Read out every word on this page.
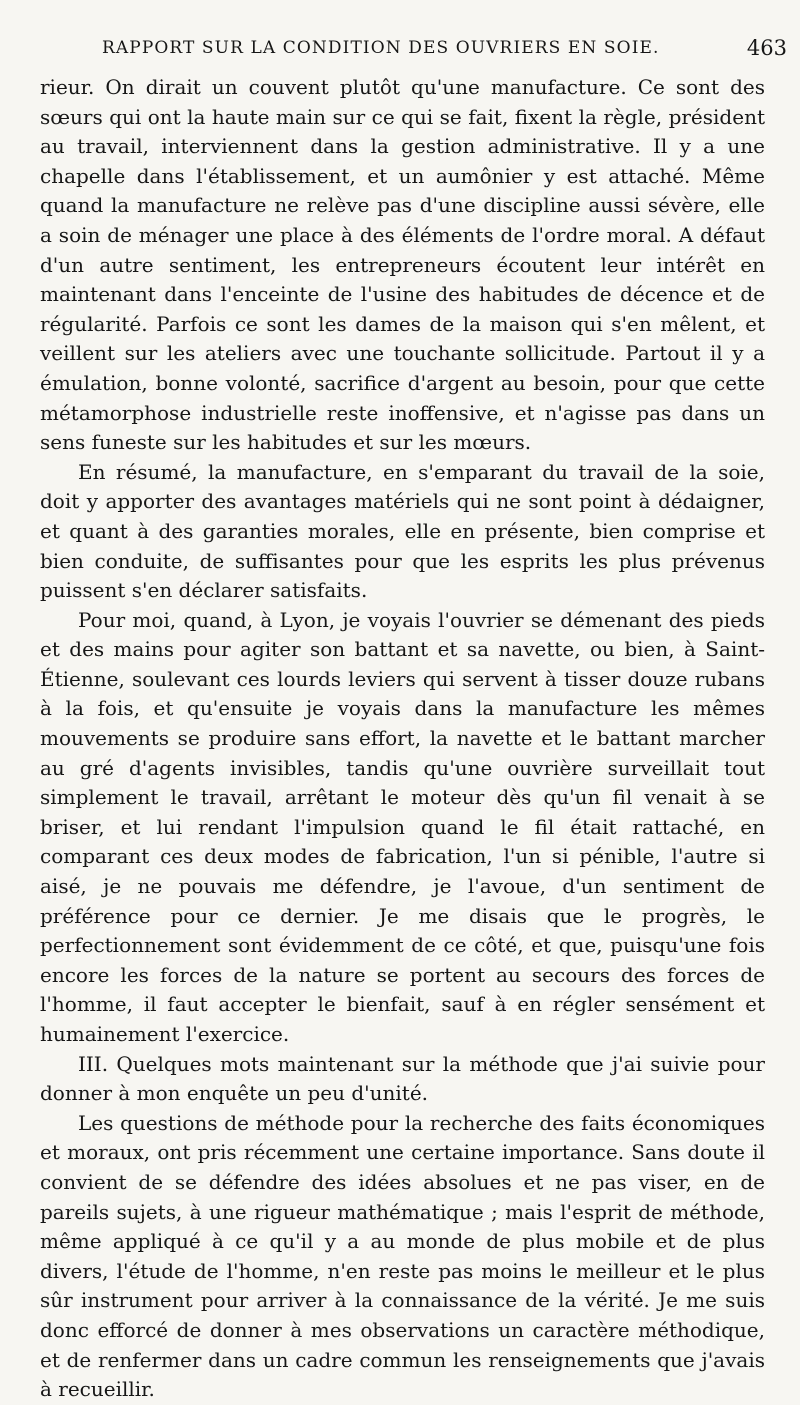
RAPPORT SUR LA CONDITION DES OUVRIERS EN SOIE.	463

rieur. On dirait un couvent plutôt qu'une manufacture. Ce sont des sœurs qui ont la haute main sur ce qui se fait, fixent la règle, président au travail, interviennent dans la gestion administrative. Il y a une chapelle dans l'établissement, et un aumônier y est attaché. Même quand la manufacture ne relève pas d'une discipline aussi sévère, elle a soin de ménager une place à des éléments de l'ordre moral. A défaut d'un autre sentiment, les entrepreneurs écoutent leur intérêt en maintenant dans l'enceinte de l'usine des habitudes de décence et de régularité. Parfois ce sont les dames de la maison qui s'en mêlent, et veillent sur les ateliers avec une touchante sollicitude. Partout il y a émulation, bonne volonté, sacrifice d'argent au besoin, pour que cette métamorphose industrielle reste inoffensive, et n'agisse pas dans un sens funeste sur les habitudes et sur les mœurs.

En résumé, la manufacture, en s'emparant du travail de la soie, doit y apporter des avantages matériels qui ne sont point à dédaigner, et quant à des garanties morales, elle en présente, bien comprise et bien conduite, de suffisantes pour que les esprits les plus prévenus puissent s'en déclarer satisfaits.

Pour moi, quand, à Lyon, je voyais l'ouvrier se démenant des pieds et des mains pour agiter son battant et sa navette, ou bien, à Saint-Étienne, soulevant ces lourds leviers qui servent à tisser douze rubans à la fois, et qu'ensuite je voyais dans la manufacture les mêmes mouvements se produire sans effort, la navette et le battant marcher au gré d'agents invisibles, tandis qu'une ouvrière surveillait tout simplement le travail, arrêtant le moteur dès qu'un fil venait à se briser, et lui rendant l'impulsion quand le fil était rattaché, en comparant ces deux modes de fabrication, l'un si pénible, l'autre si aisé, je ne pouvais me défendre, je l'avoue, d'un sentiment de préférence pour ce dernier. Je me disais que le progrès, le perfectionnement sont évidemment de ce côté, et que, puisqu'une fois encore les forces de la nature se portent au secours des forces de l'homme, il faut accepter le bienfait, sauf à en régler sensément et humainement l'exercice.

III. Quelques mots maintenant sur la méthode que j'ai suivie pour donner à mon enquête un peu d'unité.

Les questions de méthode pour la recherche des faits économiques et moraux, ont pris récemment une certaine importance. Sans doute il convient de se défendre des idées absolues et ne pas viser, en de pareils sujets, à une rigueur mathématique ; mais l'esprit de méthode, même appliqué à ce qu'il y a au monde de plus mobile et de plus divers, l'étude de l'homme, n'en reste pas moins le meilleur et le plus sûr instrument pour arriver à la connaissance de la vérité. Je me suis donc efforcé de donner à mes observations un caractère méthodique, et de renfermer dans un cadre commun les renseignements que j'avais à recueillir.
